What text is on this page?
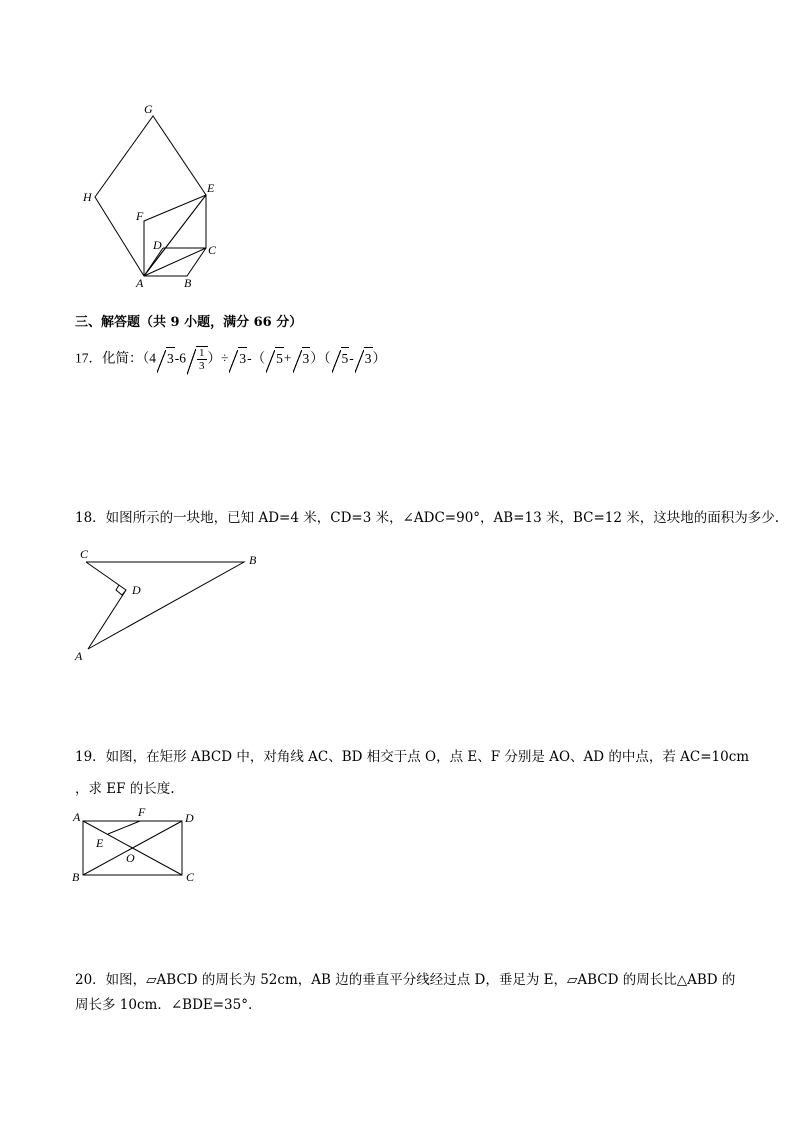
G
H
E
F
D	C
A	B
三、解答题（共 9 小题，满分 66 分）
17．化简：（4 $3-6 \frac{1}{3}$ ）÷ 3-（ 5+ 3）（ 5- 3）
18．如图所示的一块地，已知 AD=4 米，CD=3 米，∠ADC=90°，AB=13 米，BC=12 米，这块地的面积为多少.
C	B
D
A
19．如图，在矩形 ABCD 中，对角线 AC、BD 相交于点 O，点 E、F 分别是 AO、AD 的中点，若 AC=10cm
，求 EF 的长度.
A	F	D
E
O
B	C
20．如图，▱ABCD 的周长为 52cm，AB 边的垂直平分线经过点 D，垂足为 E，▱ABCD 的周长比△ABD 的
周长多 10cm．∠BDE=35°.
